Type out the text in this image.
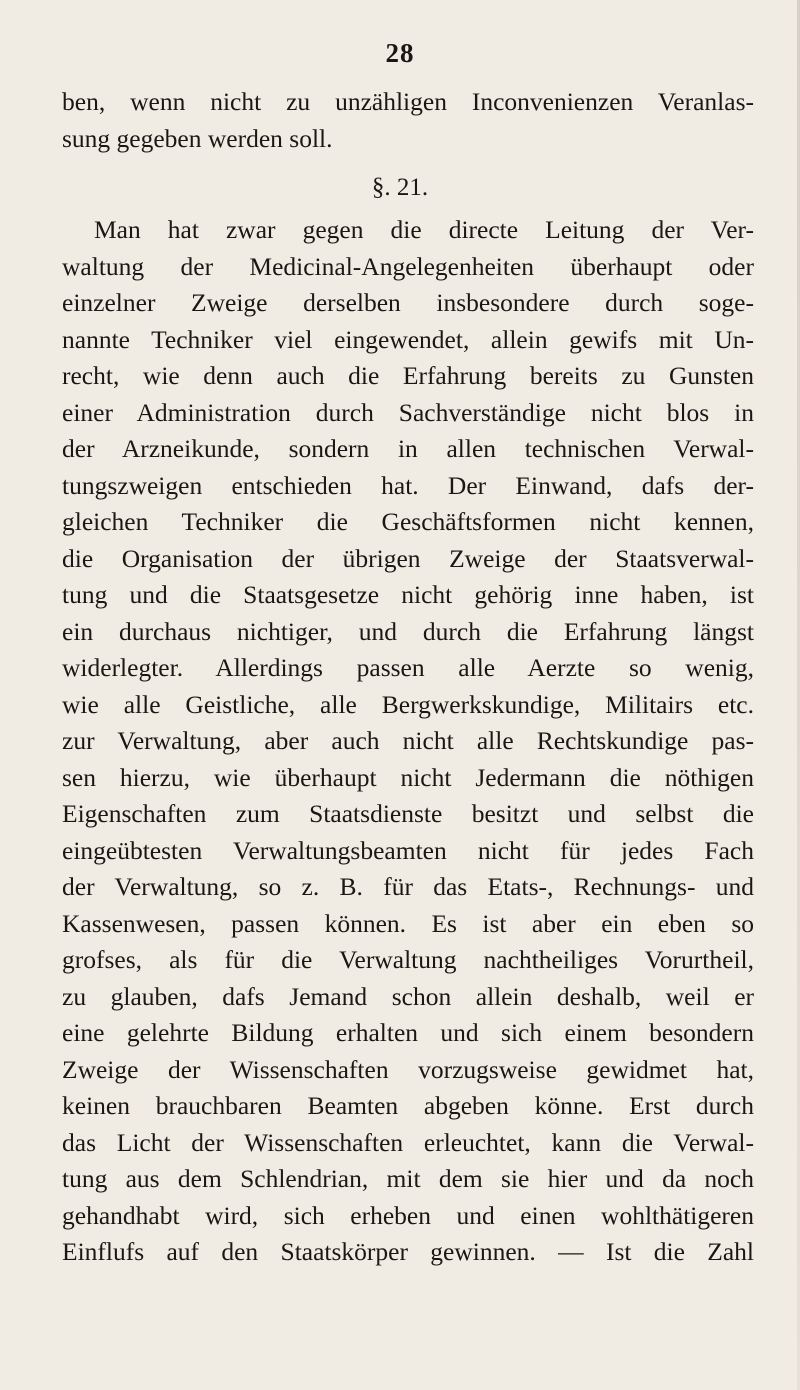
28
ben, wenn nicht zu unzähligen Inconvenienzen Veranlas-
sung gegeben werden soll.
§. 21.
Man hat zwar gegen die directe Leitung der Ver-
waltung der Medicinal-Angelegenheiten überhaupt oder
einzelner Zweige derselben insbesondere durch soge-
nannte Techniker viel eingewendet, allein gewifs mit Un-
recht, wie denn auch die Erfahrung bereits zu Gunsten
einer Administration durch Sachverständige nicht blos in
der Arzneikunde, sondern in allen technischen Verwal-
tungszweigen entschieden hat. Der Einwand, dafs der-
gleichen Techniker die Geschäftsformen nicht kennen,
die Organisation der übrigen Zweige der Staatsverwal-
tung und die Staatsgesetze nicht gehörig inne haben, ist
ein durchaus nichtiger, und durch die Erfahrung längst
widerlegter. Allerdings passen alle Aerzte so wenig,
wie alle Geistliche, alle Bergwerkskundige, Militairs etc.
zur Verwaltung, aber auch nicht alle Rechtskundige pas-
sen hierzu, wie überhaupt nicht Jedermann die nöthigen
Eigenschaften zum Staatsdienste besitzt und selbst die
eingeübtesten Verwaltungsbeamten nicht für jedes Fach
der Verwaltung, so z. B. für das Etats-, Rechnungs- und
Kassenwesen, passen können. Es ist aber ein eben so
grofses, als für die Verwaltung nachtheiliges Vorurtheil,
zu glauben, dafs Jemand schon allein deshalb, weil er
eine gelehrte Bildung erhalten und sich einem besondern
Zweige der Wissenschaften vorzugsweise gewidmet hat,
keinen brauchbaren Beamten abgeben könne. Erst durch
das Licht der Wissenschaften erleuchtet, kann die Verwal-
tung aus dem Schlendrian, mit dem sie hier und da noch
gehandhabt wird, sich erheben und einen wohlthätigeren
Einflufs auf den Staatskörper gewinnen. — Ist die Zahl
